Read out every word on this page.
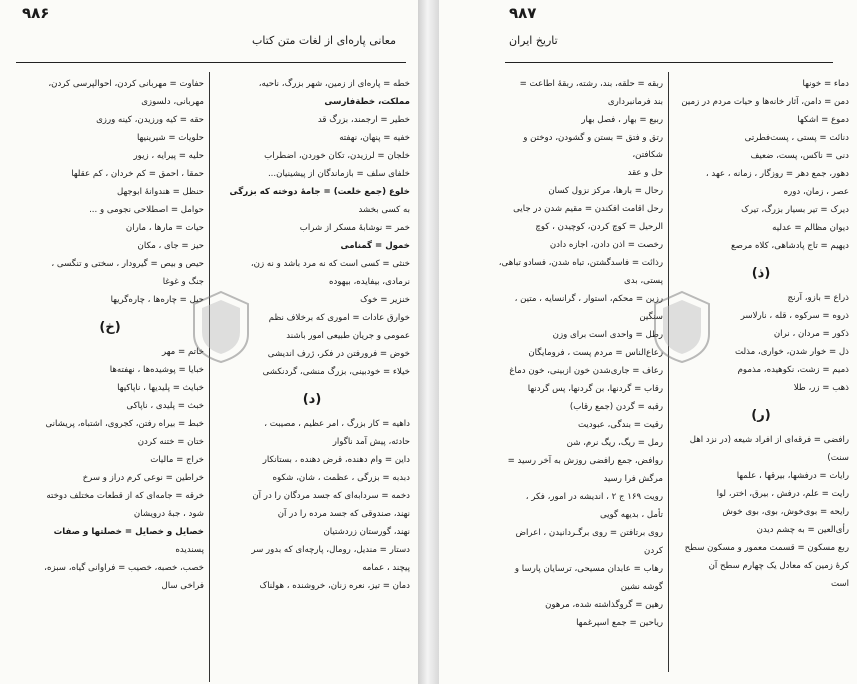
۹۸۶
معانی پاره‌ای از لغات متن کتاب
خطه = پاره‌ای از زمین، شهر بزرگ، ناحیه،
مملکت، خطةفارسی
خطیر = ارجمند، بزرگ قد
خفیه = پنهان، نهفته
خلجان = لرزیدن، تکان خوردن، اضطراب
خلفای سلف = بازماندگان از پیشینیان...
خلوع (جمع خلعت) = جامهٔ دوخته که بزرگی
به کسی بخشد
خمر = نوشابهٔ مسکر از شراب
خمول = گمنامی
خنثی = کسی است که نه مرد باشد و نه زن،
نرمادی، بیفایده، بیهوده
خنزیر = خوک
خوارق عادات = اموری که برخلاف نظم
عمومی و جریان طبیعی امور باشند
خوض = فرورفتن در فکر، ژرف اندیشی
خیلاء = خودبینی، بزرگ منشی، گردنکشی
(د)
داهیه = کار بزرگ ، امر عظیم ، مصیبت ،
حادثه، پیش آمد ناگوار
داین = وام دهنده، قرض دهنده ، بستانکار
دبدبه = بزرگی ، عظمت ، شان، شکوه
دخمه = سردابه‌ای که جسد مردگان را در آن
نهند، صندوقی که جسد مرده را در آن
نهند، گورستان زردشتیان
دستار = مندیل، رومال، پارچه‌ای که بدور سر
پیچند ، عمامه
دمان = تیز، نعره زنان، خروشنده ، هولناک
حفاوت = مهربانی کردن، احوالپرسی کردن،
مهربانی، دلسوزی
حقه = کیه ورزیدن، کینه ورزی
حلویات = شیرینیها
حلیه = پیرایه ، زیور
حمقا ، احمق = کم خردان ، کم عقلها
حنظل = هندوانهٔ ابوجهل
حوامل = اصطلاحی نجومی و ...
حیات = مارها ، ماران
حیز = جای ، مکان
حیص و بیص = گیرودار ، سختی و تنگسی ،
جنگ و غوغا
حیل = چاره‌ها ، چاره‌گریها
(خ)
خاتم = مهر
خبایا = پوشیده‌ها ، نهفته‌ها
خبایث = پلیدیها ، ناپاکیها
خبث = پلیدی ، ناپاکی
خبط = بیراه رفتن، کجروی، اشتباه، پریشانی
ختان = ختنه کردن
خراج = مالیات
خراطین = نوعی کرم دراز و سرخ
خرقه = جامه‌ای که از قطعات مختلف دوخته
شود ، جبهٔ درویشان
خصایل و خصایل = خصلتها و صفات
پسندیده
خصب، خصبه، خصیب = فراوانی گیاه، سبزه،
فراخی سال
۹۸۷
تاریخ ایران
دماء = خونها
دمن = دامن، آثار خانه‌ها و حیات مردم در زمین
دموع = اشکها
دنائت = پستی ، پست‌فطرتی
دنی = ناکس، پست، ضعیف
دهور، جمع دهر = روزگار ، زمانه ، عهد ،
عصر ، زمان، دوره
دیرک = تیر بسیار بزرگ، تیرک
دیوان مظالم = عدلیه
دیهیم = تاج پادشاهی، کلاه مرصع
(ذ)
ذراع = بازو، آرنج
ذروه = سرکوه ، قله ، نارلاسر
ذکور = مردان ، نران
ذل = خوار شدن، خواری، مذلت
ذمیم = زشت، نکوهیده، مذموم
ذهب = زر، طلا
(ر)
رافضی = فرقه‌ای از افراد شیعه (در نزد اهل
سنت)
رایات = درفشها، بیرقها ، علمها
رایت = علم، درفش ، بیرق، اختر، لوا
رایحه = بوی‌خوش، بوی، بوی خوش
رأی‌العین = به چشم دیدن
ربع مسکون = قسمت معمور و مسکون سطح
کرهٔ زمین که معادل یک چهارم سطح آن
است
ربقه = حلقه، بند، رشته، ربقهٔ اطاعت =
بند فرمانبرداری
ربیع = بهار ، فصل بهار
رتق و فتق = بستن و گشودن، دوختن و شکافتن،
حل و عقد
رحال = بارها، مرکز نزول کسان
رحل اقامت افکندن = مقیم شدن در جایی
الرحیل = کوچ کردن، کوچیدن ، کوچ
رخصت = اذن دادن، اجازه دادن
رذائت = فاسدگشتن، تباه شدن، فسادو تباهی،
پستی، بدی
رزین = محکم، استوار ، گرانسایه ، متین ،
سنگین
رطل = واحدی است برای وزن
رعاع‌الناس = مردم پست ، فرومایگان
رعاف = جاری‌شدن خون ازبینی، خون دماغ
رقاب = گردنها، بن گردنها، پس گردنها
رقبه = گردن (جمع رقاب)
رقیت = بندگی، عبودیت
رمل = ریگ، ریگ نرم، شن
روافض، جمع رافضی روزش به آخر رسید =
مرگش فرا رسید
رویت ۱۶۹ ج ۲ ، اندیشه در امور، فکر ،
تأمل ، بدیهه گویی
روی برتافتن = روی برگـردانیدن ، اعراض
کردن
رهاب = عابدان مسیحی، ترسایان پارسا و
گوشه نشین
رهین = گروگذاشته شده، مرهون
ریاحین = جمع اسپرغمها
